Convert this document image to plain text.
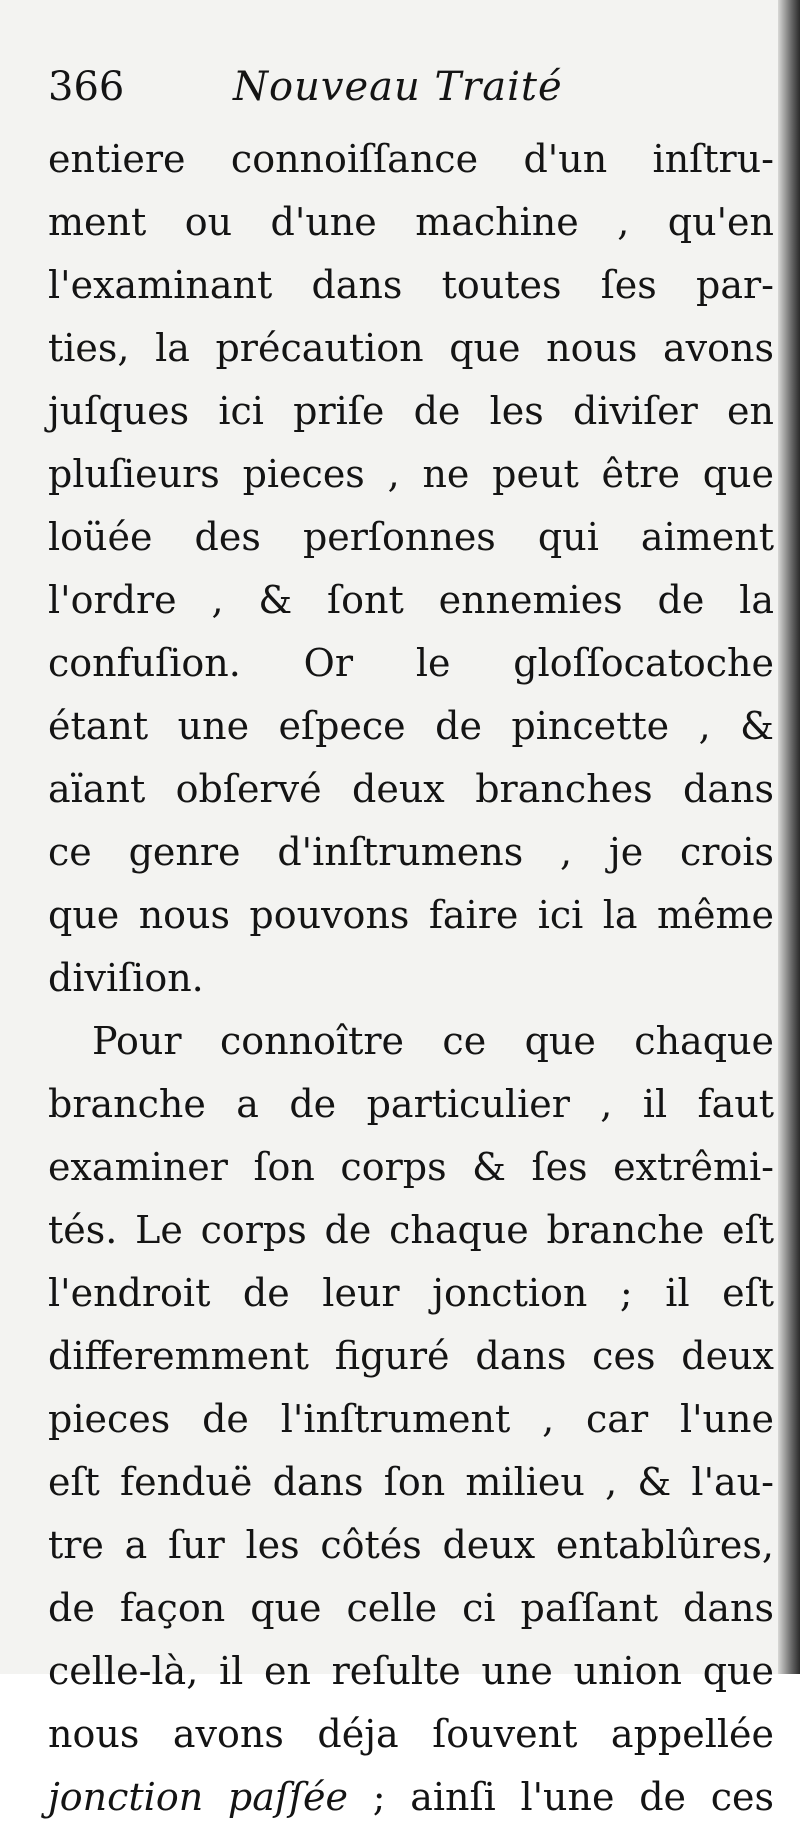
366	Nouveau Traité
entiere connoiſſance d'un inſtru-
ment ou d'une machine , qu'en
l'examinant dans toutes ſes par-
ties, la précaution que nous avons
juſques ici priſe de les diviſer en
pluſieurs pieces , ne peut être que
loüée des perſonnes qui aiment
l'ordre , & ſont ennemies de la
confuſion. Or le gloſſocatoche
étant une eſpece de pincette , &
aïant obſervé deux branches dans
ce genre d'inſtrumens , je crois
que nous pouvons faire ici la même
diviſion.
Pour connoître ce que chaque
branche a de particulier , il faut
examiner ſon corps & ſes extrêmi-
tés. Le corps de chaque branche eſt
l'endroit de leur jonction ; il eſt
differemment figuré dans ces deux
pieces de l'inſtrument , car l'une
eſt fenduë dans ſon milieu , & l'au-
tre a ſur les côtés deux entablûres,
de façon que celle ci paſſant dans
celle-là, il en reſulte une union que
nous avons déja ſouvent appellée
jonction paſſée ; ainſi l'une de ces
